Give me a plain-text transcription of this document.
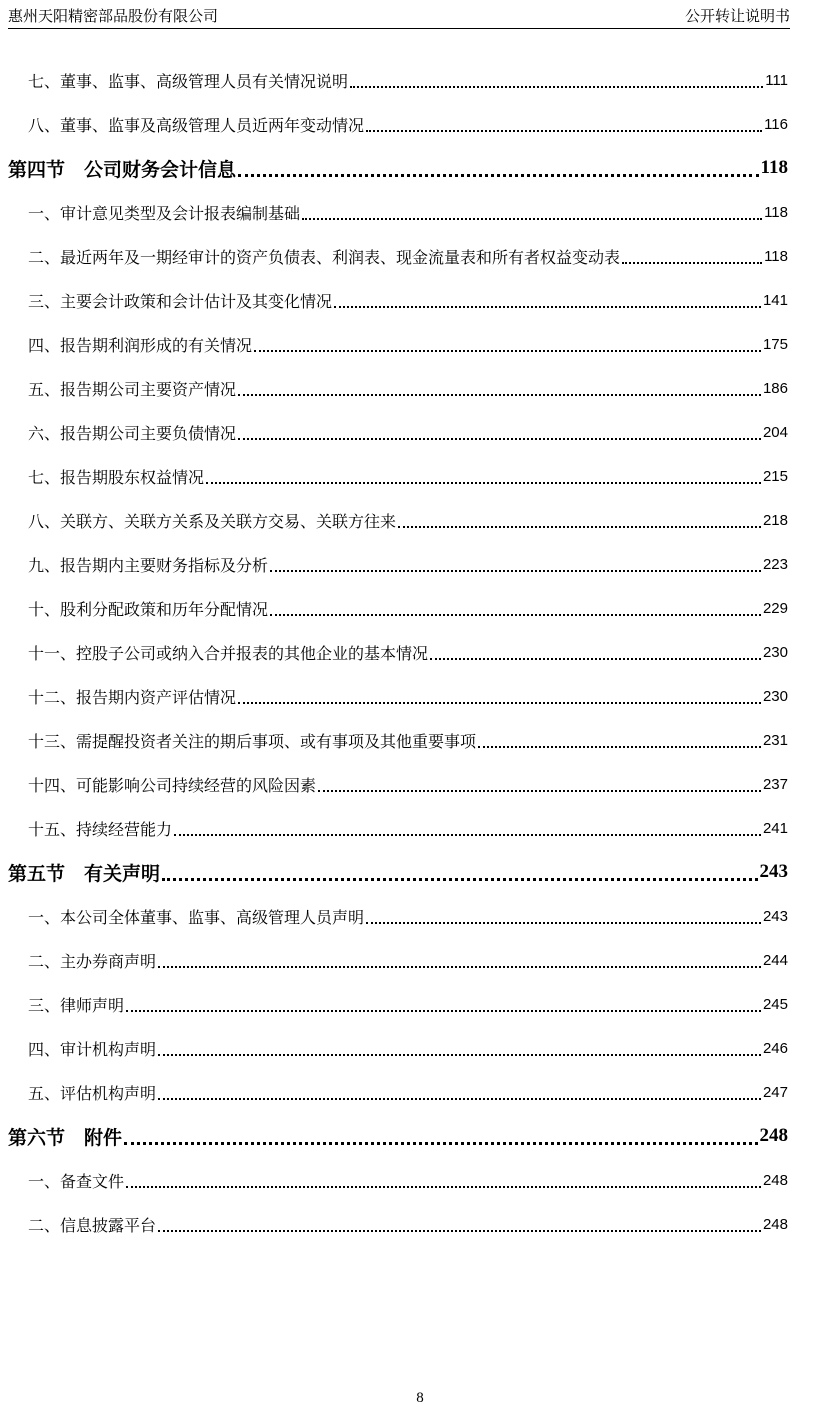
惠州天阳精密部品股份有限公司	公开转让说明书
七、董事、监事、高级管理人员有关情况说明	111
八、董事、监事及高级管理人员近两年变动情况	116
第四节　公司财务会计信息	118
一、审计意见类型及会计报表编制基础	118
二、最近两年及一期经审计的资产负债表、利润表、现金流量表和所有者权益变动表	118
三、主要会计政策和会计估计及其变化情况	141
四、报告期利润形成的有关情况	175
五、报告期公司主要资产情况	186
六、报告期公司主要负债情况	204
七、报告期股东权益情况	215
八、关联方、关联方关系及关联方交易、关联方往来	218
九、报告期内主要财务指标及分析	223
十、股利分配政策和历年分配情况	229
十一、控股子公司或纳入合并报表的其他企业的基本情况	230
十二、报告期内资产评估情况	230
十三、需提醒投资者关注的期后事项、或有事项及其他重要事项	231
十四、可能影响公司持续经营的风险因素	237
十五、持续经营能力	241
第五节　有关声明	243
一、本公司全体董事、监事、高级管理人员声明	243
二、主办券商声明	244
三、律师声明	245
四、审计机构声明	246
五、评估机构声明	247
第六节　附件	248
一、备查文件	248
二、信息披露平台	248
8
